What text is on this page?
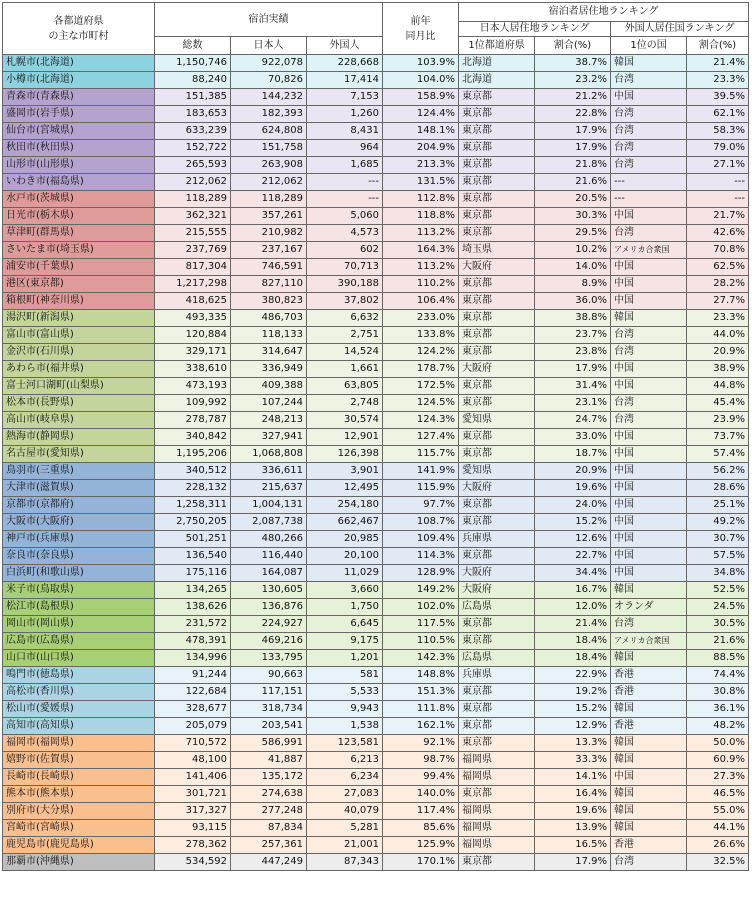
各都道府県
の主な市町村	宿泊実績			前年
同月比	宿泊者居住地ランキング			
					日本人居住地ランキング		外国人居住国ランキング	
	総数	日本人	外国人		1位都道府県	割合(%)	1位の国	割合(%)
札幌市(北海道)	1,150,746	922,078	228,668	103.9%	北海道	38.7%	韓国	21.4%
小樽市(北海道)	88,240	70,826	17,414	104.0%	北海道	23.2%	台湾	23.3%
青森市(青森県)	151,385	144,232	7,153	158.9%	東京都	21.2%	中国	39.5%
盛岡市(岩手県)	183,653	182,393	1,260	124.4%	東京都	22.8%	台湾	62.1%
仙台市(宮城県)	633,239	624,808	8,431	148.1%	東京都	17.9%	台湾	58.3%
秋田市(秋田県)	152,722	151,758	964	204.9%	東京都	17.9%	台湾	79.0%
山形市(山形県)	265,593	263,908	1,685	213.3%	東京都	21.8%	台湾	27.1%
いわき市(福島県)	212,062	212,062	---	131.5%	東京都	21.6%	---	---
水戸市(茨城県)	118,289	118,289	---	112.8%	東京都	20.5%	---	---
日光市(栃木県)	362,321	357,261	5,060	118.8%	東京都	30.3%	中国	21.7%
草津町(群馬県)	215,555	210,982	4,573	113.2%	東京都	29.5%	台湾	42.6%
さいたま市(埼玉県)	237,769	237,167	602	164.3%	埼玉県	10.2%	アメリカ合衆国	70.8%
浦安市(千葉県)	817,304	746,591	70,713	113.2%	大阪府	14.0%	中国	62.5%
港区(東京都)	1,217,298	827,110	390,188	110.2%	東京都	8.9%	中国	28.2%
箱根町(神奈川県)	418,625	380,823	37,802	106.4%	東京都	36.0%	中国	27.7%
湯沢町(新潟県)	493,335	486,703	6,632	233.0%	東京都	38.8%	韓国	23.3%
富山市(富山県)	120,884	118,133	2,751	133.8%	東京都	23.7%	台湾	44.0%
金沢市(石川県)	329,171	314,647	14,524	124.2%	東京都	23.8%	台湾	20.9%
あわら市(福井県)	338,610	336,949	1,661	178.7%	大阪府	17.9%	中国	38.9%
富士河口湖町(山梨県)	473,193	409,388	63,805	172.5%	東京都	31.4%	中国	44.8%
松本市(長野県)	109,992	107,244	2,748	124.5%	東京都	23.1%	台湾	45.4%
高山市(岐阜県)	278,787	248,213	30,574	124.3%	愛知県	24.7%	台湾	23.9%
熱海市(静岡県)	340,842	327,941	12,901	127.4%	東京都	33.0%	中国	73.7%
名古屋市(愛知県)	1,195,206	1,068,808	126,398	115.7%	東京都	18.7%	中国	57.4%
鳥羽市(三重県)	340,512	336,611	3,901	141.9%	愛知県	20.9%	中国	56.2%
大津市(滋賀県)	228,132	215,637	12,495	115.9%	大阪府	19.6%	中国	28.6%
京都市(京都府)	1,258,311	1,004,131	254,180	97.7%	東京都	24.0%	中国	25.1%
大阪市(大阪府)	2,750,205	2,087,738	662,467	108.7%	東京都	15.2%	中国	49.2%
神戸市(兵庫県)	501,251	480,266	20,985	109.4%	兵庫県	12.6%	中国	30.7%
奈良市(奈良県)	136,540	116,440	20,100	114.3%	東京都	22.7%	中国	57.5%
白浜町(和歌山県)	175,116	164,087	11,029	128.9%	大阪府	34.4%	中国	34.8%
米子市(鳥取県)	134,265	130,605	3,660	149.2%	大阪府	16.7%	韓国	52.5%
松江市(島根県)	138,626	136,876	1,750	102.0%	広島県	12.0%	オランダ	24.5%
岡山市(岡山県)	231,572	224,927	6,645	117.5%	東京都	21.4%	台湾	30.5%
広島市(広島県)	478,391	469,216	9,175	110.5%	東京都	18.4%	アメリカ合衆国	21.6%
山口市(山口県)	134,996	133,795	1,201	142.3%	広島県	18.4%	韓国	88.5%
鳴門市(徳島県)	91,244	90,663	581	148.8%	兵庫県	22.9%	香港	74.4%
高松市(香川県)	122,684	117,151	5,533	151.3%	東京都	19.2%	香港	30.8%
松山市(愛媛県)	328,677	318,734	9,943	111.8%	東京都	15.2%	韓国	36.1%
高知市(高知県)	205,079	203,541	1,538	162.1%	東京都	12.9%	香港	48.2%
福岡市(福岡県)	710,572	586,991	123,581	92.1%	東京都	13.3%	韓国	50.0%
嬉野市(佐賀県)	48,100	41,887	6,213	98.7%	福岡県	33.3%	韓国	60.9%
長崎市(長崎県)	141,406	135,172	6,234	99.4%	福岡県	14.1%	中国	27.3%
熊本市(熊本県)	301,721	274,638	27,083	140.0%	東京都	16.4%	韓国	46.5%
別府市(大分県)	317,327	277,248	40,079	117.4%	福岡県	19.6%	韓国	55.0%
宮崎市(宮崎県)	93,115	87,834	5,281	85.6%	福岡県	13.9%	韓国	44.1%
鹿児島市(鹿児島県)	278,362	257,361	21,001	125.9%	福岡県	16.5%	香港	26.6%
那覇市(沖縄県)	534,592	447,249	87,343	170.1%	東京都	17.9%	台湾	32.5%
